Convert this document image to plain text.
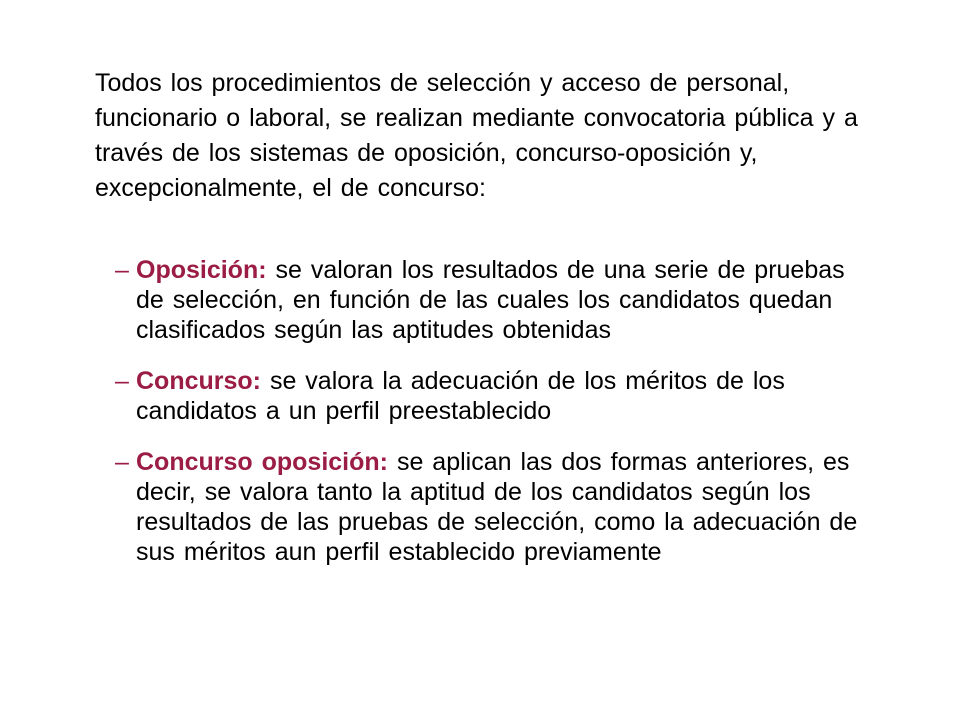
Todos los procedimientos de selección y acceso de personal, funcionario o laboral, se realizan mediante convocatoria pública y a través de los sistemas de oposición, concurso-oposición y, excepcionalmente, el de concurso:

– Oposición: se valoran los resultados de una serie de pruebas de selección, en función de las cuales los candidatos quedan clasificados según las aptitudes obtenidas
– Concurso: se valora la adecuación de los méritos de los candidatos a un perfil preestablecido
– Concurso oposición: se aplican las dos formas anteriores, es decir, se valora tanto la aptitud de los candidatos según los resultados de las pruebas de selección, como la adecuación de sus méritos aun perfil establecido previamente
